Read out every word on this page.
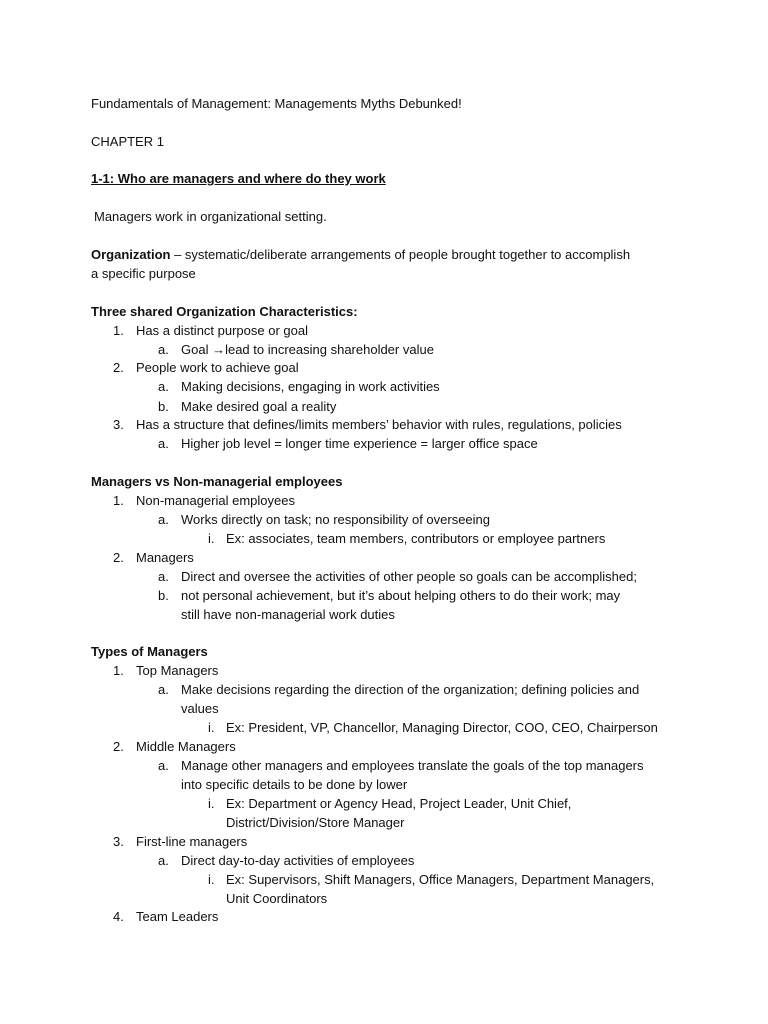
Fundamentals of Management: Managements Myths Debunked!
CHAPTER 1
1-1: Who are managers and where do they work
Managers work in organizational setting.
Organization – systematic/deliberate arrangements of people brought together to accomplish
a specific purpose
Three shared Organization Characteristics:
1. Has a distinct purpose or goal
a. Goal →lead to increasing shareholder value
2. People work to achieve goal
a. Making decisions, engaging in work activities
b. Make desired goal a reality
3. Has a structure that defines/limits members’ behavior with rules, regulations, policies
a. Higher job level = longer time experience = larger office space
Managers vs Non-managerial employees
1. Non-managerial employees
a. Works directly on task; no responsibility of overseeing
i. Ex: associates, team members, contributors or employee partners
2. Managers
a. Direct and oversee the activities of other people so goals can be accomplished;
b. not personal achievement, but it’s about helping others to do their work; may
still have non-managerial work duties
Types of Managers
1. Top Managers
a. Make decisions regarding the direction of the organization; defining policies and
values
i. Ex: President, VP, Chancellor, Managing Director, COO, CEO, Chairperson
2. Middle Managers
a. Manage other managers and employees translate the goals of the top managers
into specific details to be done by lower
i. Ex: Department or Agency Head, Project Leader, Unit Chief,
District/Division/Store Manager
3. First-line managers
a. Direct day-to-day activities of employees
i. Ex: Supervisors, Shift Managers, Office Managers, Department Managers,
Unit Coordinators
4. Team Leaders
